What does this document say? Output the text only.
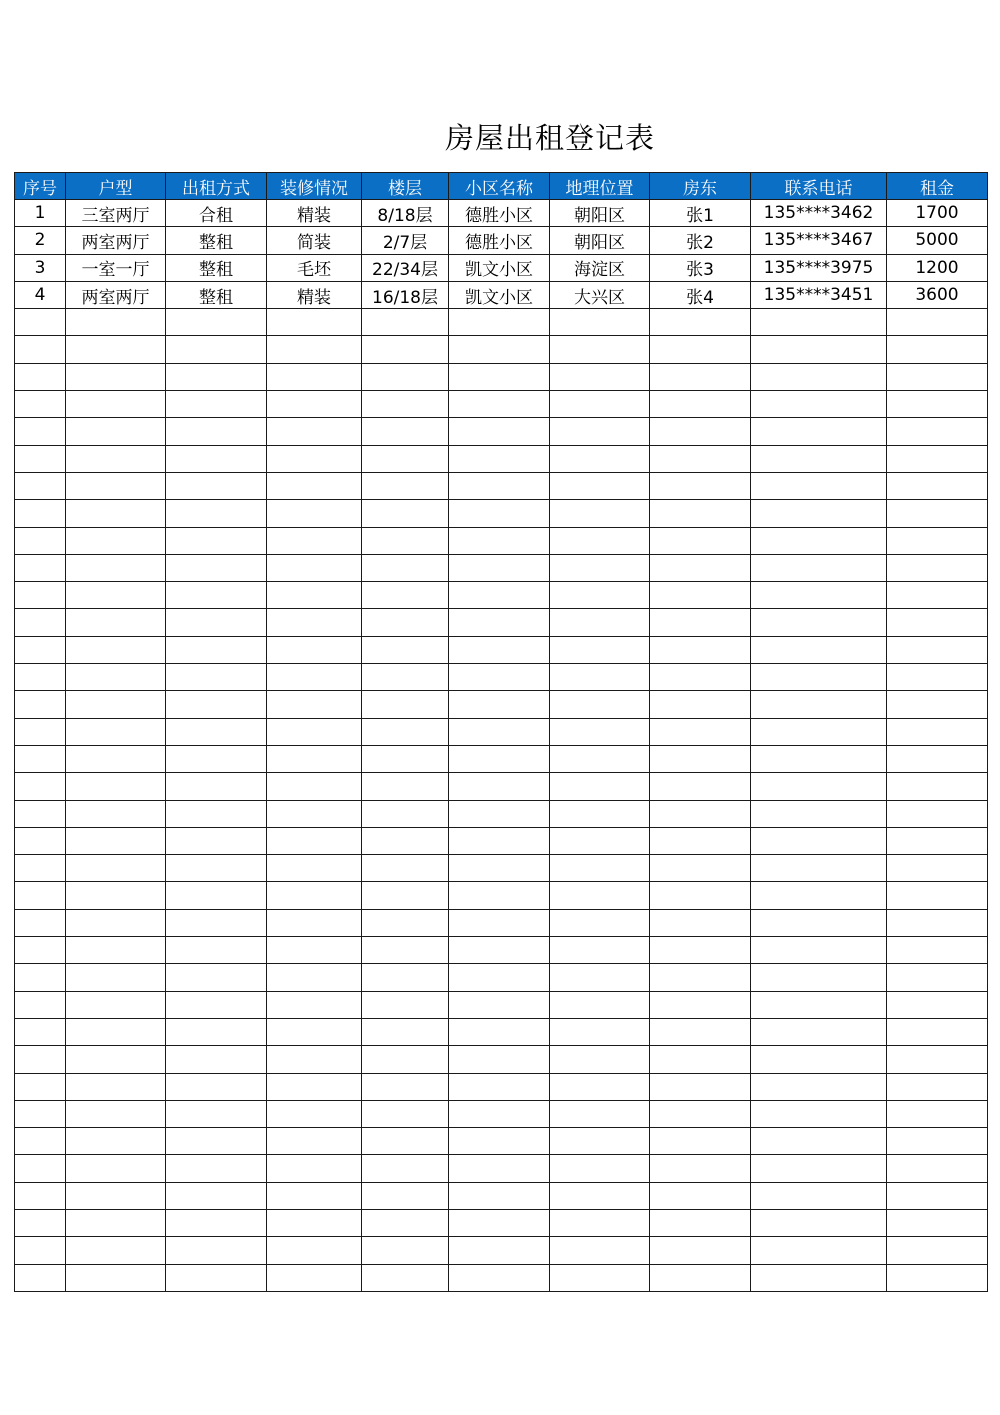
房屋出租登记表
序号	户型	出租方式	装修情况	楼层	小区名称	地理位置	房东	联系电话	租金
1	三室两厅	合租	精装	8/18层	德胜小区	朝阳区	张1	135****3462	1700
2	两室两厅	整租	简装	2/7层	德胜小区	朝阳区	张2	135****3467	5000
3	一室一厅	整租	毛坯	22/34层	凯文小区	海淀区	张3	135****3975	1200
4	两室两厅	整租	精装	16/18层	凯文小区	大兴区	张4	135****3451	3600
